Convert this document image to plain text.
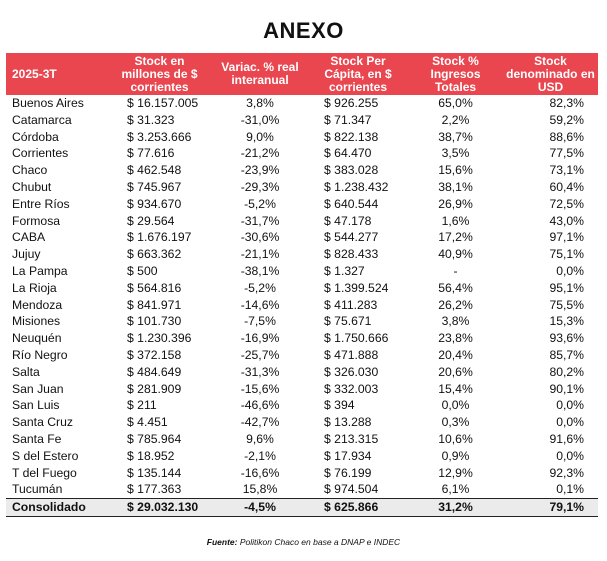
ANEXO
2025-3T	Stock en millones de $ corrientes	Variac. % real interanual	Stock Per Cápita, en $ corrientes	Stock % Ingresos Totales	Stock denominado en USD
Buenos Aires	$ 16.157.005	3,8%	$ 926.255	65,0%	82,3%
Catamarca	$ 31.323	-31,0%	$ 71.347	2,2%	59,2%
Córdoba	$ 3.253.666	9,0%	$ 822.138	38,7%	88,6%
Corrientes	$ 77.616	-21,2%	$ 64.470	3,5%	77,5%
Chaco	$ 462.548	-23,9%	$ 383.028	15,6%	73,1%
Chubut	$ 745.967	-29,3%	$ 1.238.432	38,1%	60,4%
Entre Ríos	$ 934.670	-5,2%	$ 640.544	26,9%	72,5%
Formosa	$ 29.564	-31,7%	$ 47.178	1,6%	43,0%
CABA	$ 1.676.197	-30,6%	$ 544.277	17,2%	97,1%
Jujuy	$ 663.362	-21,1%	$ 828.433	40,9%	75,1%
La Pampa	$ 500	-38,1%	$ 1.327	-	0,0%
La Rioja	$ 564.816	-5,2%	$ 1.399.524	56,4%	95,1%
Mendoza	$ 841.971	-14,6%	$ 411.283	26,2%	75,5%
Misiones	$ 101.730	-7,5%	$ 75.671	3,8%	15,3%
Neuquén	$ 1.230.396	-16,9%	$ 1.750.666	23,8%	93,6%
Río Negro	$ 372.158	-25,7%	$ 471.888	20,4%	85,7%
Salta	$ 484.649	-31,3%	$ 326.030	20,6%	80,2%
San Juan	$ 281.909	-15,6%	$ 332.003	15,4%	90,1%
San Luis	$ 211	-46,6%	$ 394	0,0%	0,0%
Santa Cruz	$ 4.451	-42,7%	$ 13.288	0,3%	0,0%
Santa Fe	$ 785.964	9,6%	$ 213.315	10,6%	91,6%
S del Estero	$ 18.952	-2,1%	$ 17.934	0,9%	0,0%
T del Fuego	$ 135.144	-16,6%	$ 76.199	12,9%	92,3%
Tucumán	$ 177.363	15,8%	$ 974.504	6,1%	0,1%
Consolidado	$ 29.032.130	-4,5%	$ 625.866	31,2%	79,1%
Fuente: Politikon Chaco en base a DNAP e INDEC
